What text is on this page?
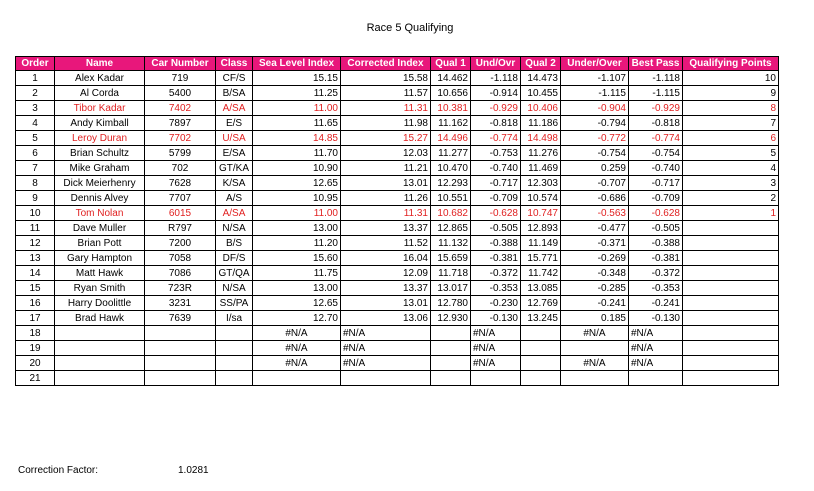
Race 5 Qualifying
Order	Name	Car Number	Class	Sea Level Index	Corrected Index	Qual 1	Und/Ovr	Qual 2	Under/Over	Best Pass	Qualifying Points
1	Alex Kadar	719	CF/S	15.15	15.58	14.462	-1.118	14.473	-1.107	-1.118	10
2	Al Corda	5400	B/SA	11.25	11.57	10.656	-0.914	10.455	-1.115	-1.115	9
3	Tibor Kadar	7402	A/SA	11.00	11.31	10.381	-0.929	10.406	-0.904	-0.929	8
4	Andy Kimball	7897	E/S	11.65	11.98	11.162	-0.818	11.186	-0.794	-0.818	7
5	Leroy Duran	7702	U/SA	14.85	15.27	14.496	-0.774	14.498	-0.772	-0.774	6
6	Brian Schultz	5799	E/SA	11.70	12.03	11.277	-0.753	11.276	-0.754	-0.754	5
7	Mike Graham	702	GT/KA	10.90	11.21	10.470	-0.740	11.469	0.259	-0.740	4
8	Dick Meierhenry	7628	K/SA	12.65	13.01	12.293	-0.717	12.303	-0.707	-0.717	3
9	Dennis Alvey	7707	A/S	10.95	11.26	10.551	-0.709	10.574	-0.686	-0.709	2
10	Tom Nolan	6015	A/SA	11.00	11.31	10.682	-0.628	10.747	-0.563	-0.628	1
11	Dave Muller	R797	N/SA	13.00	13.37	12.865	-0.505	12.893	-0.477	-0.505	
12	Brian Pott	7200	B/S	11.20	11.52	11.132	-0.388	11.149	-0.371	-0.388	
13	Gary Hampton	7058	DF/S	15.60	16.04	15.659	-0.381	15.771	-0.269	-0.381	
14	Matt Hawk	7086	GT/QA	11.75	12.09	11.718	-0.372	11.742	-0.348	-0.372	
15	Ryan Smith	723R	N/SA	13.00	13.37	13.017	-0.353	13.085	-0.285	-0.353	
16	Harry Doolittle	3231	SS/PA	12.65	13.01	12.780	-0.230	12.769	-0.241	-0.241	
17	Brad Hawk	7639	I/sa	12.70	13.06	12.930	-0.130	13.245	0.185	-0.130	
18				#N/A	#N/A		#N/A		#N/A	#N/A	
19				#N/A	#N/A		#N/A			#N/A	
20				#N/A	#N/A		#N/A		#N/A	#N/A	
21											
Correction Factor:	1.0281
